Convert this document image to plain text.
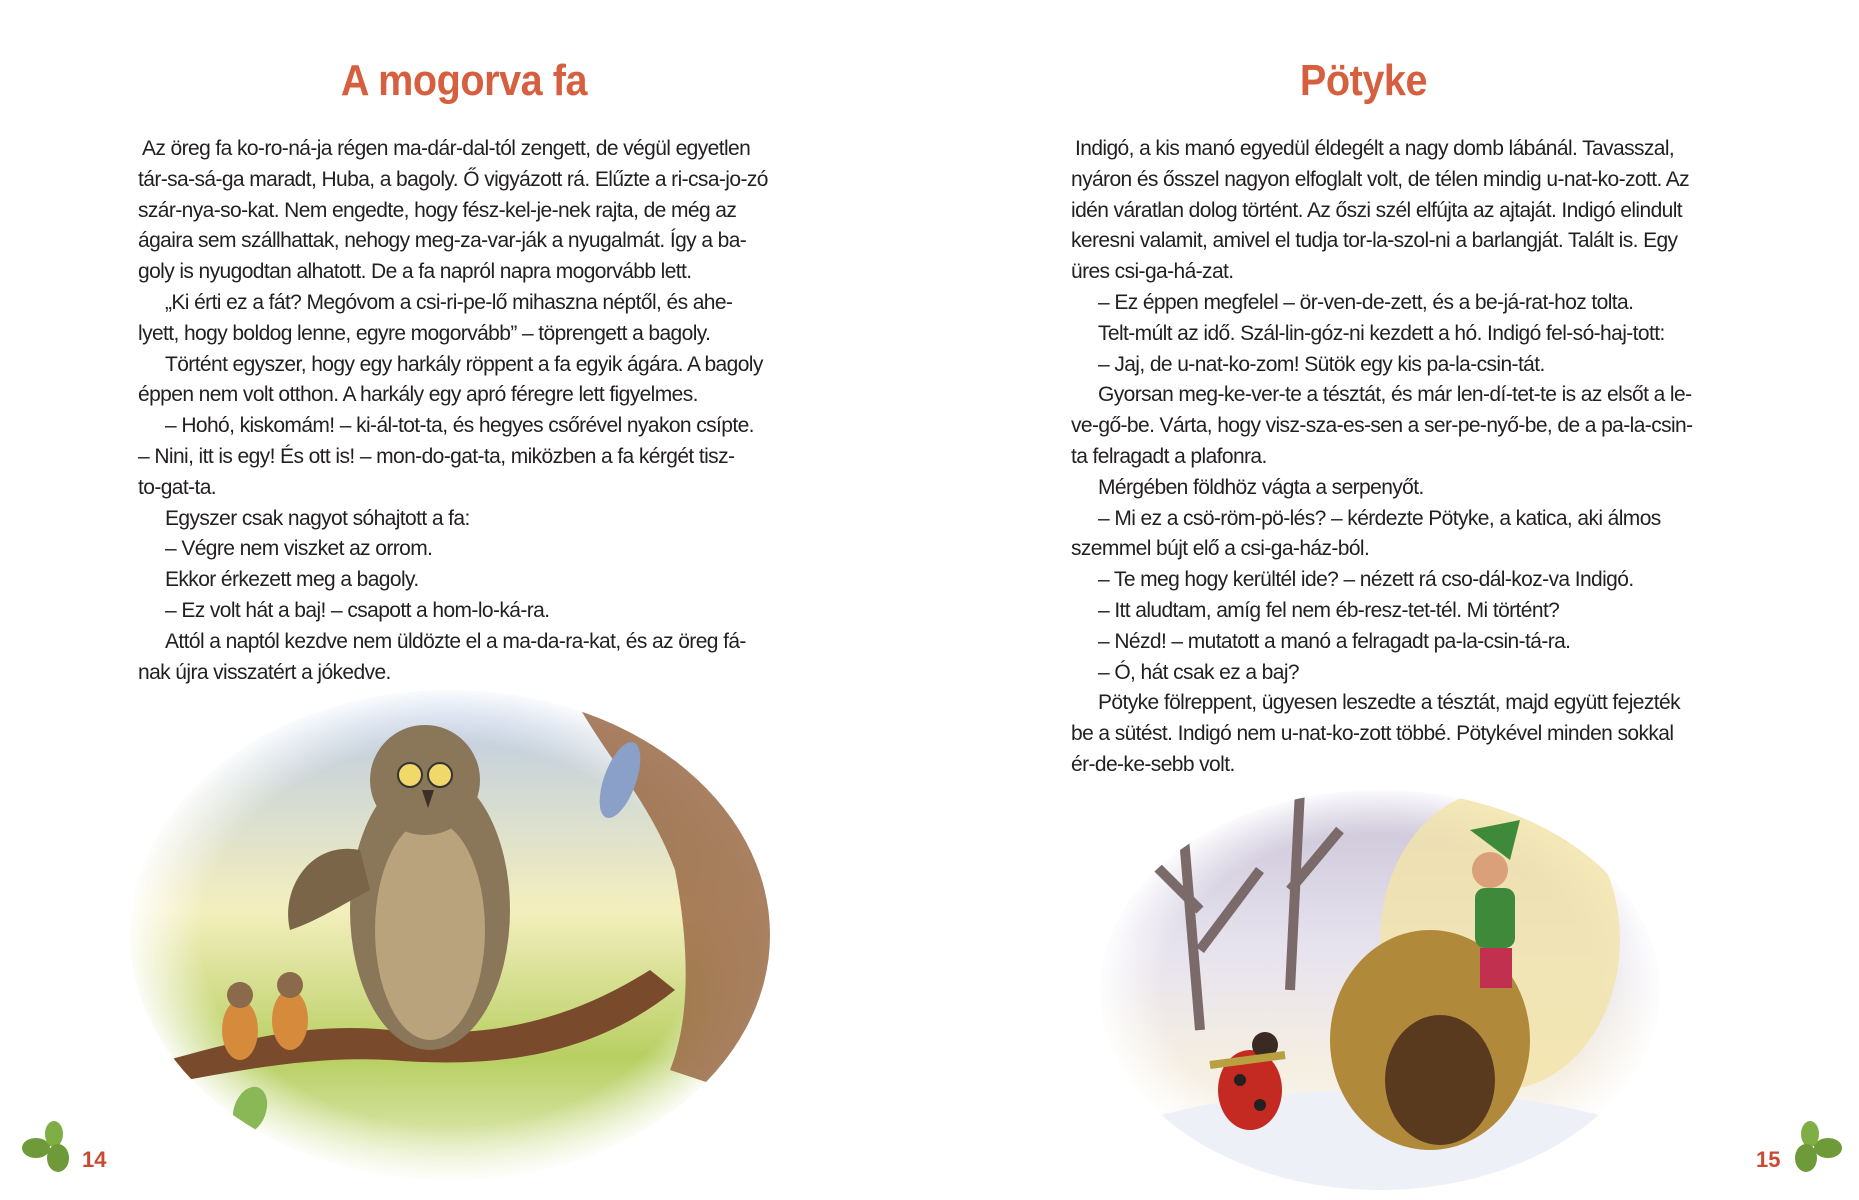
A mogorva fa
Az öreg fa ko-ro-ná-ja régen ma-dár-dal-tól zengett, de végül egyetlen
tár-sa-sá-ga maradt, Huba, a bagoly. Ő vigyázott rá. Elűzte a ri-csa-jo-zó
szár-nya-so-kat. Nem engedte, hogy fész-kel-je-nek rajta, de még az
ágaira sem szállhattak, nehogy meg-za-var-ják a nyugalmát. Így a ba-
goly is nyugodtan alhatott. De a fa napról napra mogorvább lett.
„Ki érti ez a fát? Megóvom a csi-ri-pe-lő mihaszna néptől, és ahe-
lyett, hogy boldog lenne, egyre mogorvább” – töprengett a bagoly.
Történt egyszer, hogy egy harkály röppent a fa egyik ágára. A bagoly
éppen nem volt otthon. A harkály egy apró féregre lett figyelmes.
– Hohó, kiskomám! – ki-ál-tot-ta, és hegyes csőrével nyakon csípte.
– Nini, itt is egy! És ott is! – mon-do-gat-ta, miközben a fa kérgét tisz-
to-gat-ta.
Egyszer csak nagyot sóhajtott a fa:
– Végre nem viszket az orrom.
Ekkor érkezett meg a bagoly.
– Ez volt hát a baj! – csapott a hom-lo-ká-ra.
Attól a naptól kezdve nem üldözte el a ma-da-ra-kat, és az öreg fá-
nak újra visszatért a jókedve.
14
Pötyke
Indigó, a kis manó egyedül éldegélt a nagy domb lábánál. Tavasszal,
nyáron és ősszel nagyon elfoglalt volt, de télen mindig u-nat-ko-zott. Az
idén váratlan dolog történt. Az őszi szél elfújta az ajtaját. Indigó elindult
keresni valamit, amivel el tudja tor-la-szol-ni a barlangját. Talált is. Egy
üres csi-ga-há-zat.
– Ez éppen megfelel – ör-ven-de-zett, és a be-já-rat-hoz tolta.
Telt-múlt az idő. Szál-lin-góz-ni kezdett a hó. Indigó fel-só-haj-tott:
– Jaj, de u-nat-ko-zom! Sütök egy kis pa-la-csin-tát.
Gyorsan meg-ke-ver-te a tésztát, és már len-dí-tet-te is az elsőt a le-
ve-gő-be. Várta, hogy visz-sza-es-sen a ser-pe-nyő-be, de a pa-la-csin-
ta felragadt a plafonra.
Mérgében földhöz vágta a serpenyőt.
– Mi ez a csö-röm-pö-lés? – kérdezte Pötyke, a katica, aki álmos
szemmel bújt elő a csi-ga-ház-ból.
– Te meg hogy kerültél ide? – nézett rá cso-dál-koz-va Indigó.
– Itt aludtam, amíg fel nem éb-resz-tet-tél. Mi történt?
– Nézd! – mutatott a manó a felragadt pa-la-csin-tá-ra.
– Ó, hát csak ez a baj?
Pötyke fölreppent, ügyesen leszedte a tésztát, majd együtt fejezték
be a sütést. Indigó nem u-nat-ko-zott többé. Pötykével minden sokkal
ér-de-ke-sebb volt.
15
